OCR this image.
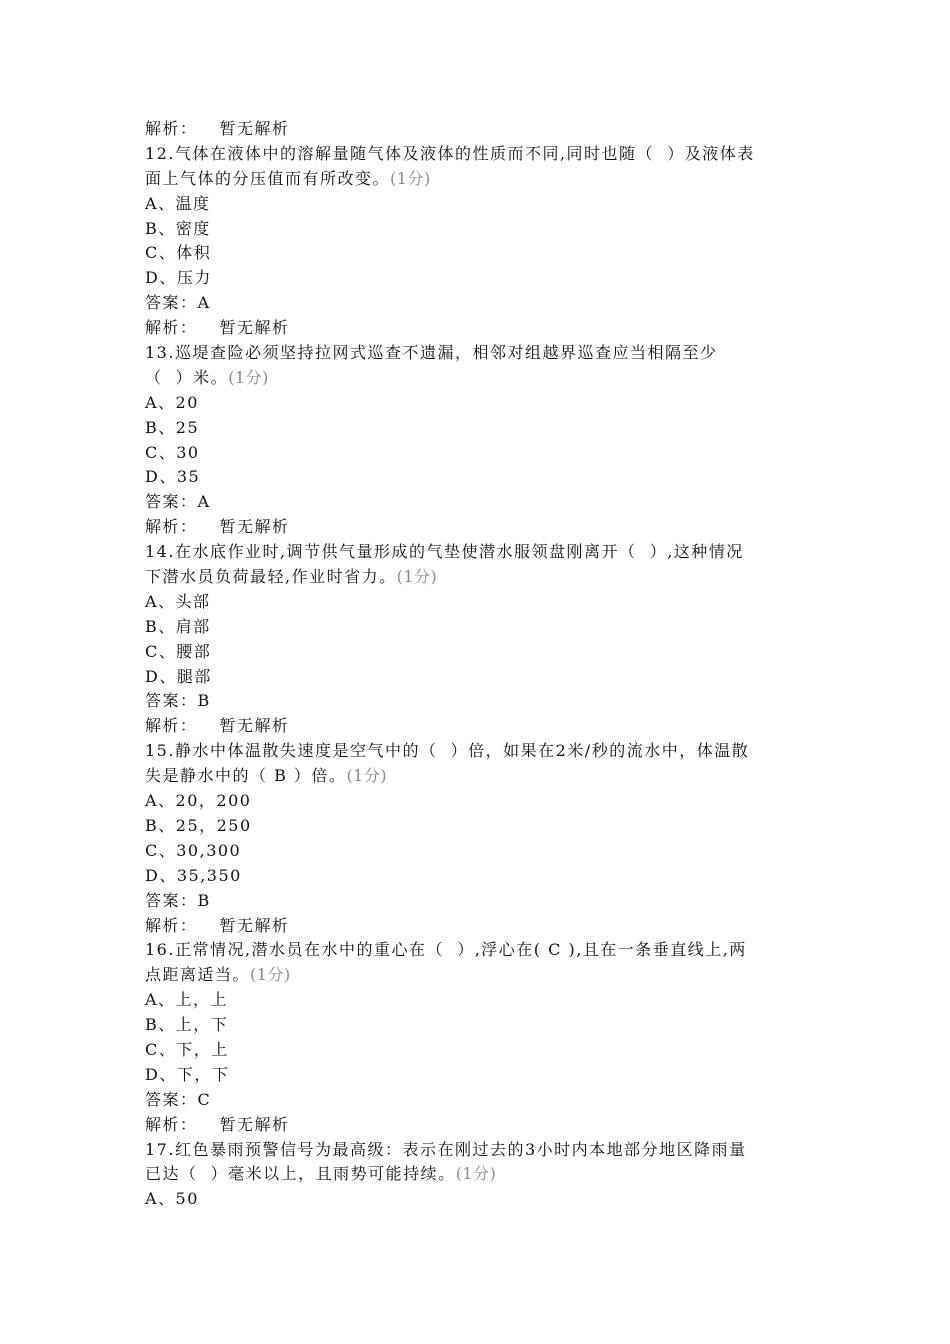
解析： 暂无解析
12.气体在液体中的溶解量随气体及液体的性质而不同,同时也随（  ）及液体表
面上气体的分压值而有所改变。(1分)
A、温度
B、密度
C、体积
D、压力
答案：A
解析： 暂无解析
13.巡堤查险必须坚持拉网式巡查不遗漏，相邻对组越界巡查应当相隔至少
（  ）米。(1分)
A、20
B、25
C、30
D、35
答案：A
解析： 暂无解析
14.在水底作业时,调节供气量形成的气垫使潜水服领盘刚离开（  ）,这种情况
下潜水员负荷最轻,作业时省力。(1分)
A、头部
B、肩部
C、腰部
D、腿部
答案：B
解析： 暂无解析
15.静水中体温散失速度是空气中的（  ）倍，如果在2米/秒的流水中，体温散
失是静水中的（ B ）倍。(1分)
A、20，200
B、25，250
C、30,300
D、35,350
答案：B
解析： 暂无解析
16.正常情况,潜水员在水中的重心在（  ）,浮心在( C ),且在一条垂直线上,两
点距离适当。(1分)
A、上，上
B、上，下
C、下，上
D、下，下
答案：C
解析： 暂无解析
17.红色暴雨预警信号为最高级：表示在刚过去的3小时内本地部分地区降雨量
已达（  ）毫米以上，且雨势可能持续。(1分)
A、50
